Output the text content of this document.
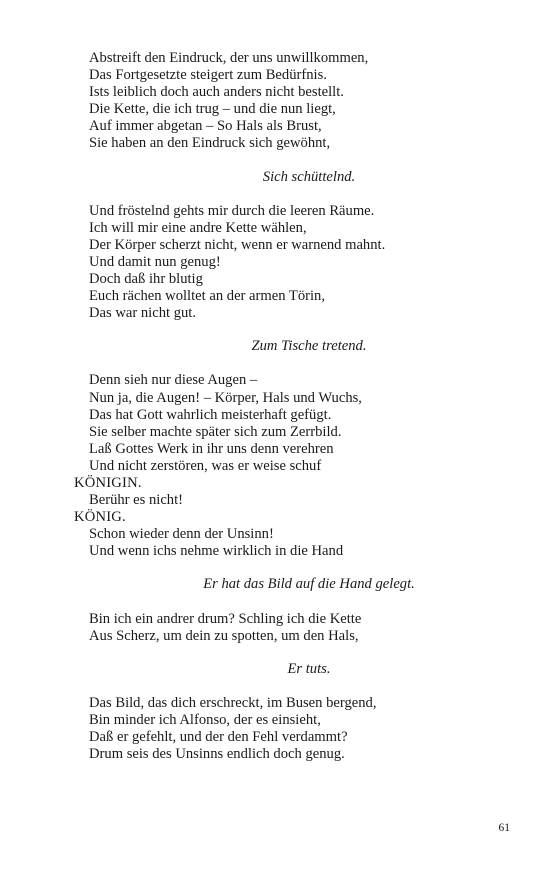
Abstreift den Eindruck, der uns unwillkommen,
Das Fortgesetzte steigert zum Bedürfnis.
Ists leiblich doch auch anders nicht bestellt.
Die Kette, die ich trug – und die nun liegt,
Auf immer abgetan – So Hals als Brust,
Sie haben an den Eindruck sich gewöhnt,
Sich schüttelnd.
Und fröstelnd gehts mir durch die leeren Räume.
Ich will mir eine andre Kette wählen,
Der Körper scherzt nicht, wenn er warnend mahnt.
Und damit nun genug!
Doch daß ihr blutig
Euch rächen wolltet an der armen Törin,
Das war nicht gut.
Zum Tische tretend.
Denn sieh nur diese Augen –
Nun ja, die Augen! – Körper, Hals und Wuchs,
Das hat Gott wahrlich meisterhaft gefügt.
Sie selber machte später sich zum Zerrbild.
Laß Gottes Werk in ihr uns denn verehren
Und nicht zerstören, was er weise schuf
KÖNIGIN.
Berühr es nicht!
KÖNIG.
Schon wieder denn der Unsinn!
Und wenn ichs nehme wirklich in die Hand
Er hat das Bild auf die Hand gelegt.
Bin ich ein andrer drum? Schling ich die Kette
Aus Scherz, um dein zu spotten, um den Hals,
Er tuts.
Das Bild, das dich erschreckt, im Busen bergend,
Bin minder ich Alfonso, der es einsieht,
Daß er gefehlt, und der den Fehl verdammt?
Drum seis des Unsinns endlich doch genug.
61
